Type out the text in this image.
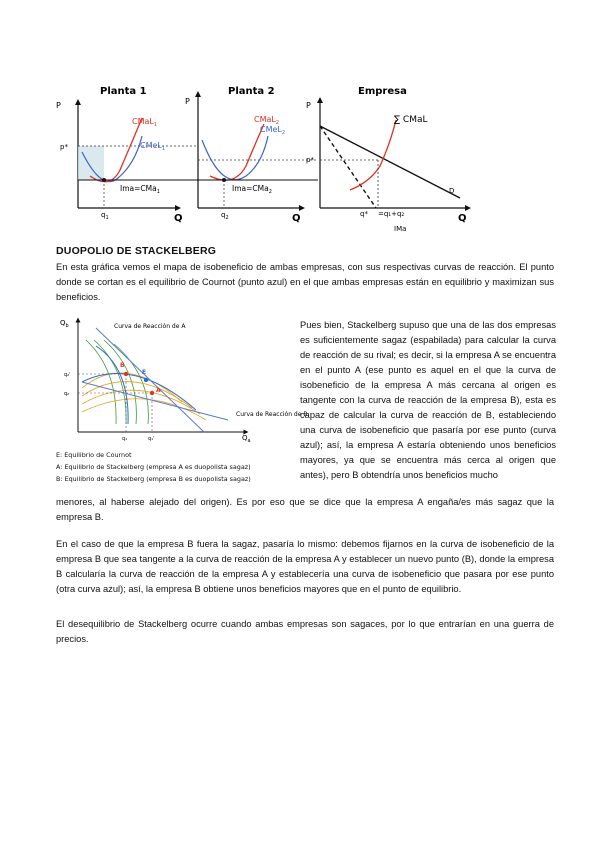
Planta 1
P
p*
CMaL$_1$
CMeL$_1$
Ima=CMa$_1$
$q_1$	Q
Planta 2
P
CMaL$_2$
CMeL$_2$
Ima=CMa$_2$
$q_2$	Q
Empresa
P
p*
∑ CMaL
D
q* =q₁+q₂	Q
IMa
DUOPOLIO DE STACKELBERG
En esta gráfica vemos el mapa de isobeneficio de ambas empresas, con sus respectivas curvas de reacción. El punto donde se cortan es el equilibrio de Cournot (punto azul) en el que ambas empresas están en equilibrio y maximizan sus beneficios.
$Q_b$
$Q_a$
Curva de Reacción de A
Curva de Reacción de B
B
E
A
q₂'
q₂
q₁	q₁'
E: Equilibrio de Cournot
A: Equilibrio de Stackelberg (empresa A es duopolista sagaz)
B: Equilibrio de Stackelberg (empresa B es duopolista sagaz)
Pues bien, Stackelberg supuso que una de las dos empresas es suficientemente sagaz (espabilada) para calcular la curva de reacción de su rival; es decir, si la empresa A se encuentra en el punto A (ese punto es aquel en el que la curva de isobeneficio de la empresa A más cercana al origen es tangente con la curva de reacción de la empresa B), esta es capaz de calcular la curva de reacción de B, estableciendo una curva de isobeneficio que pasaría por ese punto (curva azul); así, la empresa A estaría obteniendo unos beneficios mayores, ya que se encuentra más cerca al origen que antes), pero B obtendría unos beneficios mucho
menores, al haberse alejado del origen). Es por eso que se dice que la empresa A engaña/es más sagaz que la empresa B.
En el caso de que la empresa B fuera la sagaz, pasaría lo mismo: debemos fijarnos en la curva de isobeneficio de la empresa B que sea tangente a la curva de reacción de la empresa A y establecer un nuevo punto (B), donde la empresa B calcularía la curva de reacción de la empresa A y establecería una curva de isobeneficio que pasara por ese punto (otra curva azul); así, la empresa B obtiene unos beneficios mayores que en el punto de equilibrio.
El desequilibrio de Stackelberg ocurre cuando ambas empresas son sagaces, por lo que entrarían en una guerra de precios.
